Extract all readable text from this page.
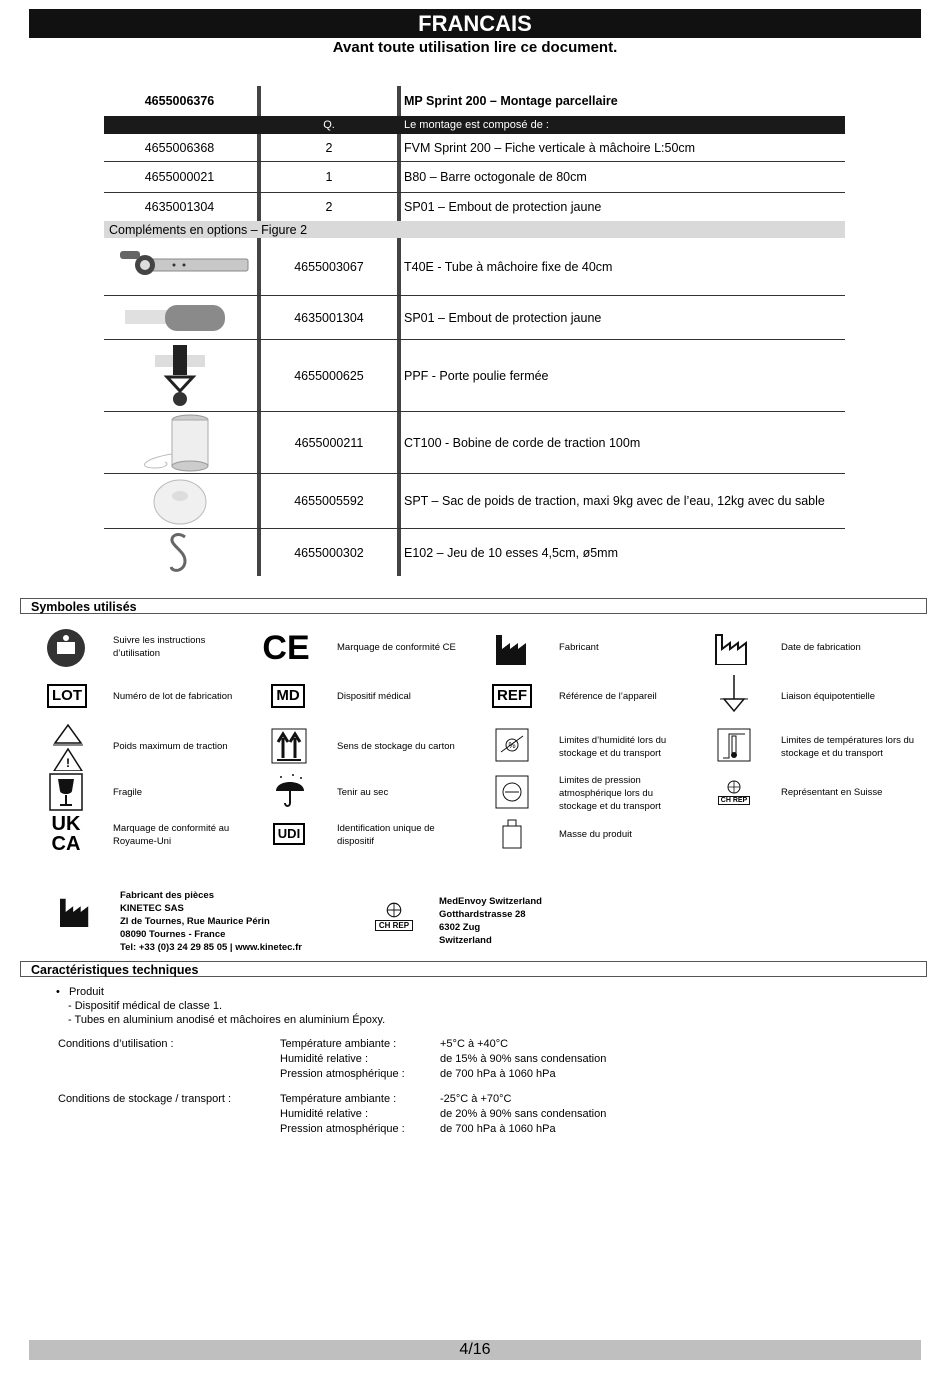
FRANCAIS
Avant toute utilisation lire ce document.
4655006376	MP Sprint 200 – Montage parcellaire
Q.	Le montage est composé de :
4655006368	2	FVM Sprint 200 – Fiche verticale à mâchoire L:50cm
4655000021	1	B80 – Barre octogonale de 80cm
4635001304	2	SP01 – Embout de protection jaune
Compléments en options – Figure 2
4655003067	T40E - Tube à mâchoire fixe de 40cm
4635001304	SP01 – Embout de protection jaune
4655000625	PPF - Porte poulie fermée
4655000211	CT100 - Bobine de corde de traction 100m
4655005592	SPT – Sac de poids de traction, maxi 9kg avec de l’eau, 12kg avec du sable
4655000302	E102 – Jeu de 10 esses 4,5cm, ø5mm
Symboles utilisés
Suivre les instructions d’utilisation	CE	Marquage de conformité CE	Fabricant	Date de fabrication
LOT	Numéro de lot de fabrication	MD	Dispositif médical	REF	Référence de l’appareil	Liaison équipotentielle
!
Poids maximum de traction	Sens de stockage du carton	%	Limites d’humidité lors du stockage et du transport
Limites de températures lors du stockage et du transport
Fragile	Tenir au sec
Limites de pression atmosphérique lors du stockage et du transport
CH REP
Représentant en Suisse
UK
CA
Marquage de conformité au Royaume-Uni
UDI	Identification unique de dispositif
Masse du produit
Fabricant des pièces
KINETEC SAS
ZI de Tournes, Rue Maurice Périn
08090 Tournes - France
Tel: +33 (0)3 24 29 85 05 | www.kinetec.fr
CH REP
MedEnvoy Switzerland
Gotthardstrasse 28
6302 Zug
Switzerland
Caractéristiques techniques
•   Produit
- Dispositif médical de classe 1.
- Tubes en aluminium anodisé et mâchoires en aluminium Époxy.
Conditions d’utilisation :	Température ambiante :	+5°C à +40°C
Humidité relative :	de 15% à 90% sans condensation
Pression atmosphérique :	de 700 hPa à 1060 hPa
Conditions de stockage / transport :	Température ambiante :	-25°C à +70°C
Humidité relative :	de 20% à 90% sans condensation
Pression atmosphérique :	de 700 hPa à 1060 hPa
4/16
